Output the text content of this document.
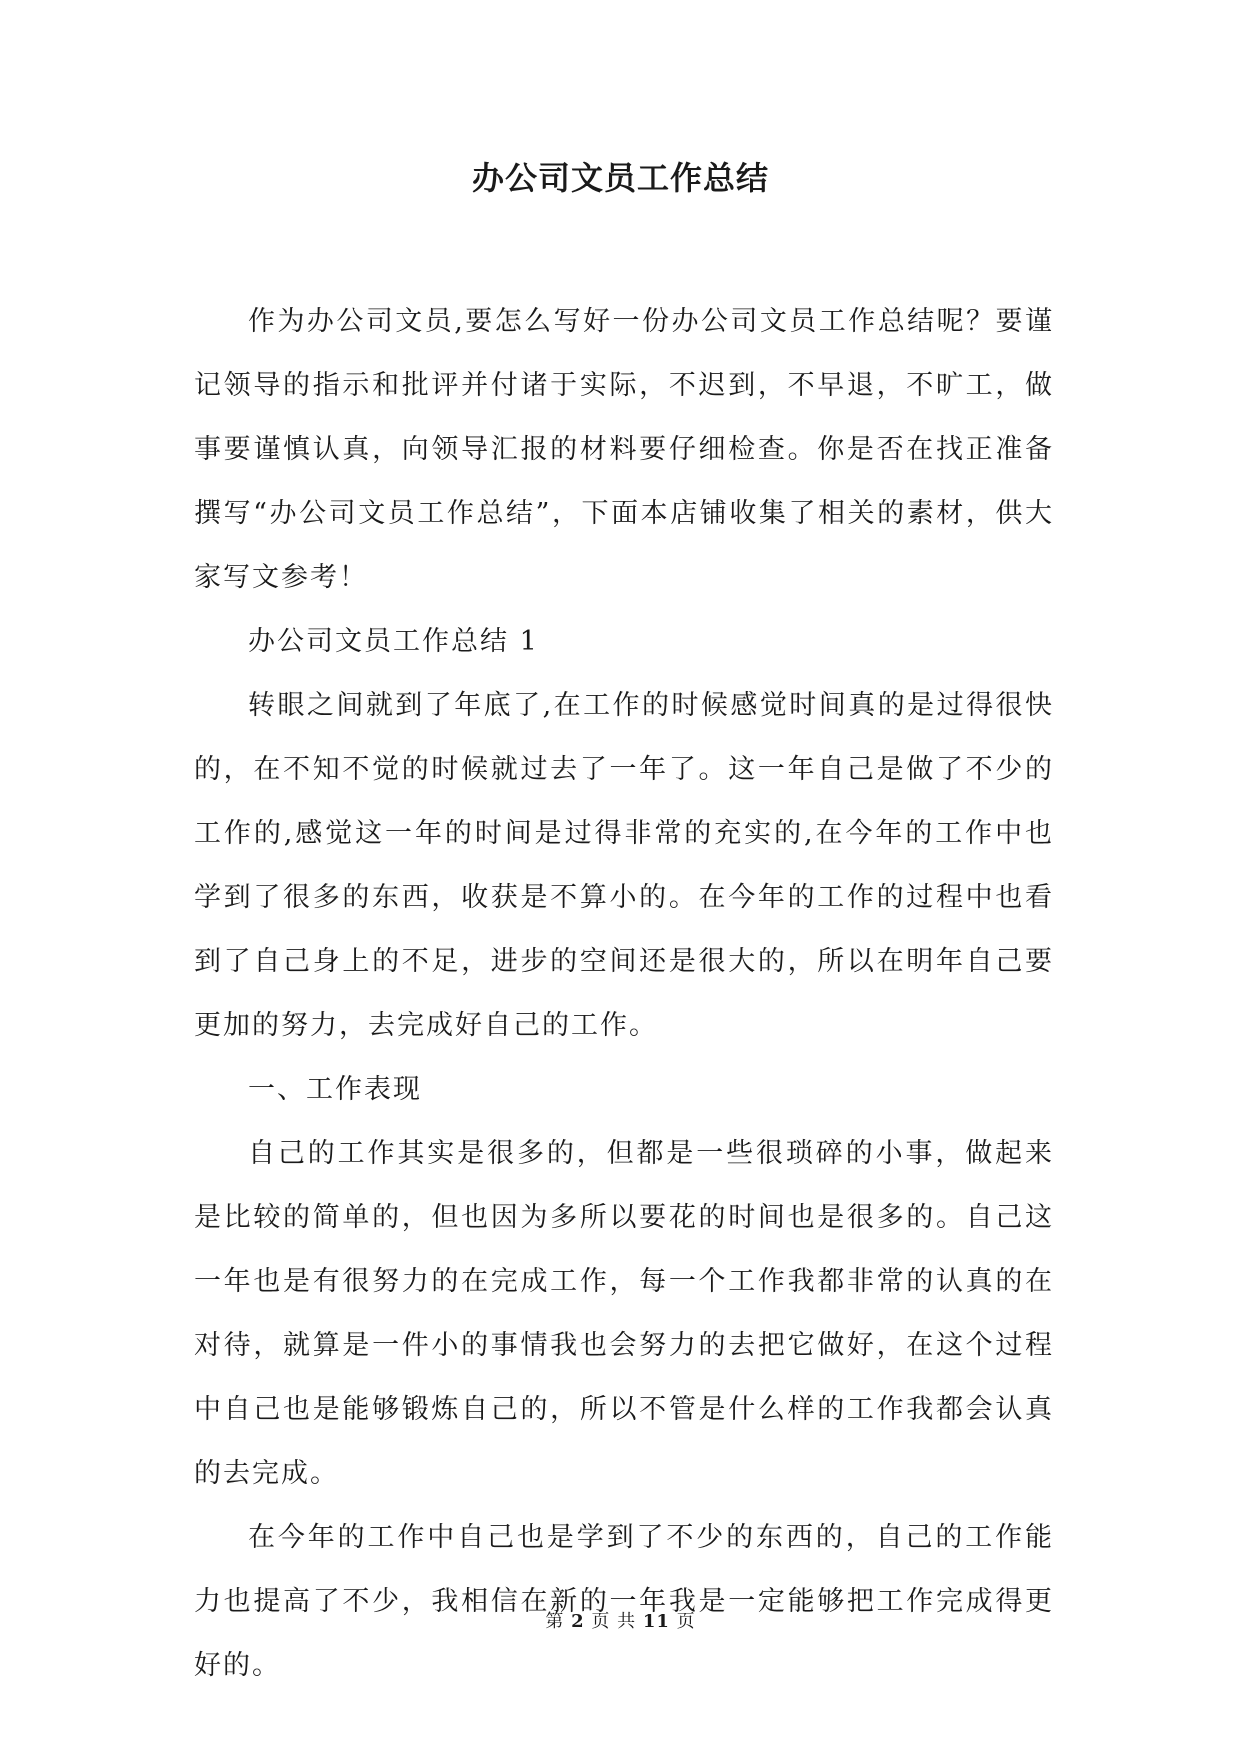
办公司文员工作总结

作为办公司文员,要怎么写好一份办公司文员工作总结呢？要谨记领导的指示和批评并付诸于实际，不迟到，不早退，不旷工，做事要谨慎认真，向领导汇报的材料要仔细检查。你是否在找正准备撰写“办公司文员工作总结”，下面本店铺收集了相关的素材，供大家写文参考！

办公司文员工作总结 1

转眼之间就到了年底了,在工作的时候感觉时间真的是过得很快的，在不知不觉的时候就过去了一年了。这一年自己是做了不少的工作的,感觉这一年的时间是过得非常的充实的,在今年的工作中也学到了很多的东西，收获是不算小的。在今年的工作的过程中也看到了自己身上的不足，进步的空间还是很大的，所以在明年自己要更加的努力，去完成好自己的工作。

一、工作表现

自己的工作其实是很多的，但都是一些很琐碎的小事，做起来是比较的简单的，但也因为多所以要花的时间也是很多的。自己这一年也是有很努力的在完成工作，每一个工作我都非常的认真的在对待，就算是一件小的事情我也会努力的去把它做好，在这个过程中自己也是能够锻炼自己的，所以不管是什么样的工作我都会认真的去完成。

在今年的工作中自己也是学到了不少的东西的，自己的工作能力也提高了不少，我相信在新的一年我是一定能够把工作完成得更好的。

第 2 页 共 11 页
